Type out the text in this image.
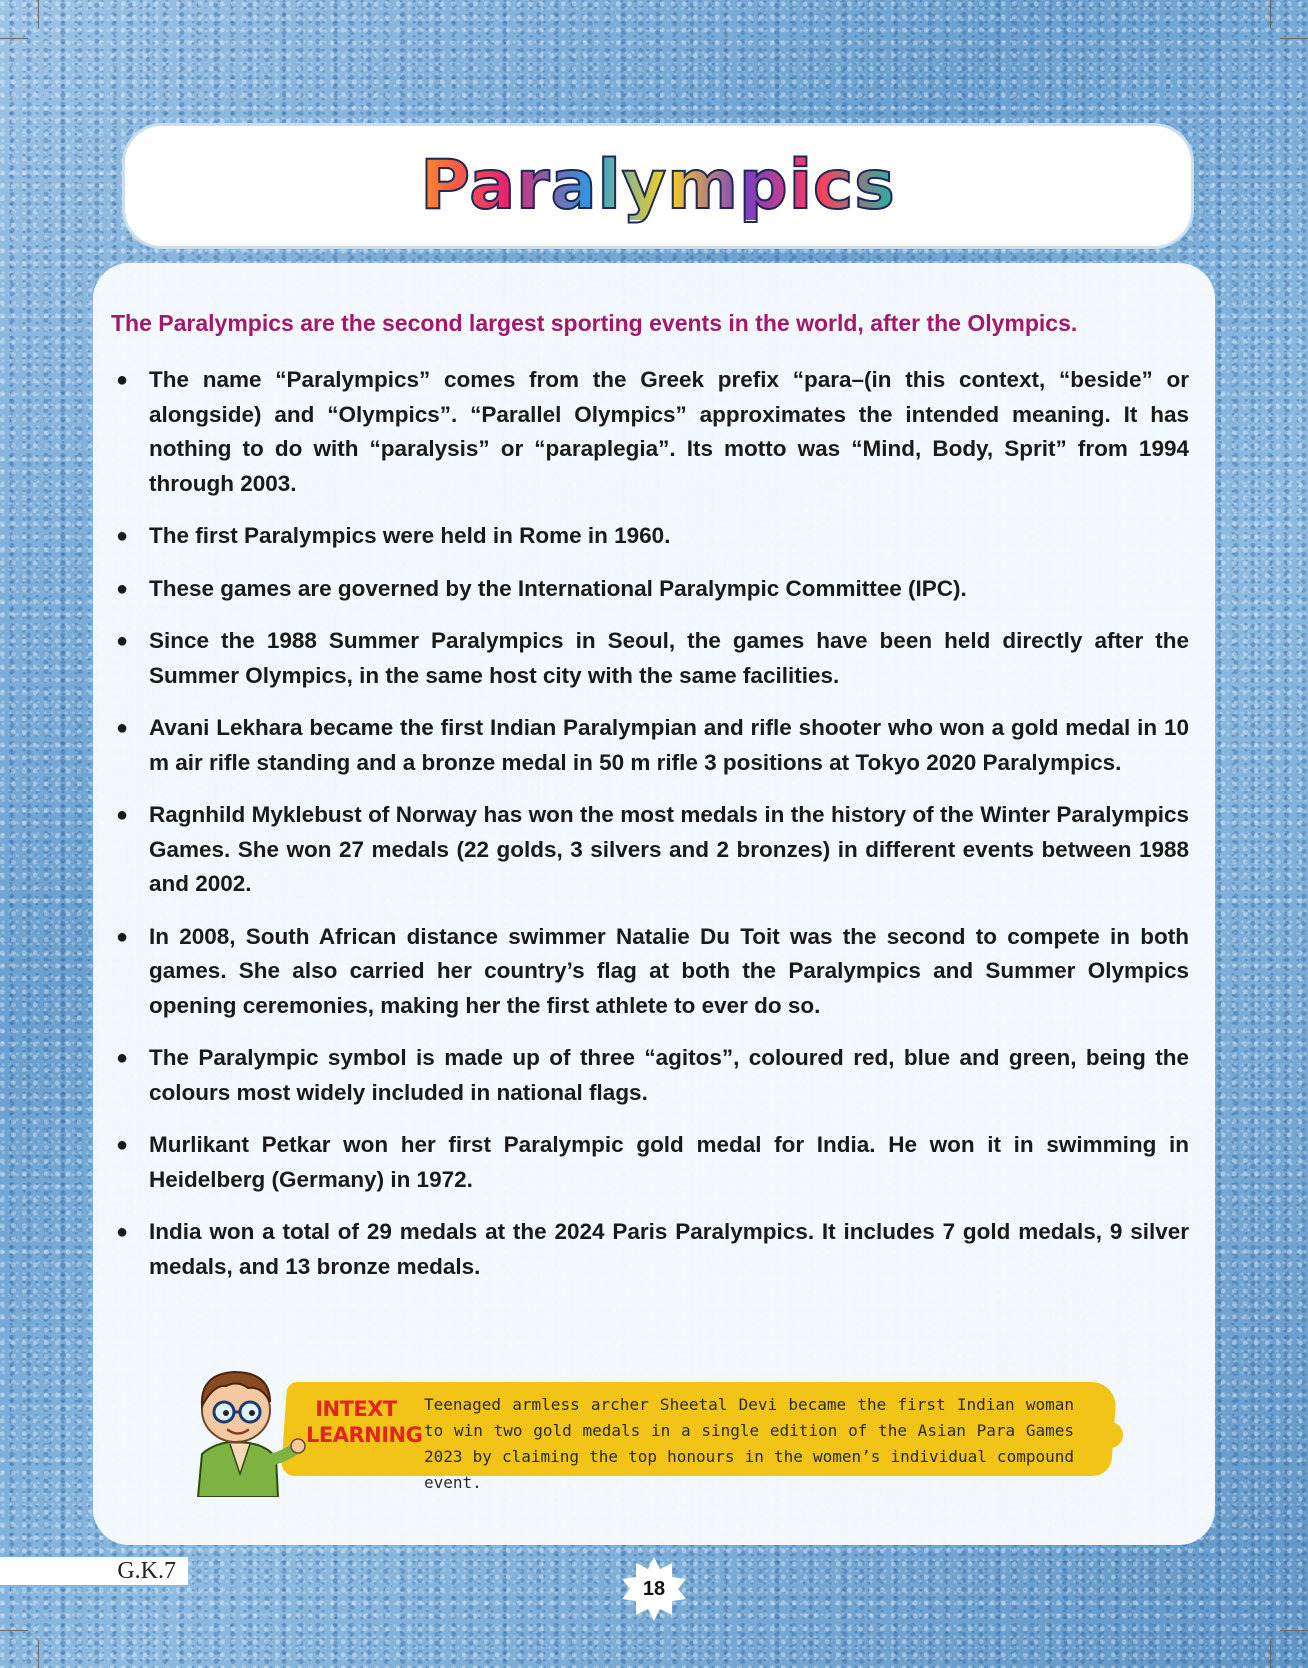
Paralympics
The Paralympics are the second largest sporting events in the world, after the Olympics.
● The name “Paralympics” comes from the Greek prefix “para–(in this context, “beside” or alongside) and “Olympics”. “Parallel Olympics” approximates the intended meaning. It has nothing to do with “paralysis” or “paraplegia”. Its motto was “Mind, Body, Sprit” from 1994 through 2003.
● The first Paralympics were held in Rome in 1960.
● These games are governed by the International Paralympic Committee (IPC).
● Since the 1988 Summer Paralympics in Seoul, the games have been held directly after the Summer Olympics, in the same host city with the same facilities.
● Avani Lekhara became the first Indian Paralympian and rifle shooter who won a gold medal in 10 m air rifle standing and a bronze medal in 50 m rifle 3 positions at Tokyo 2020 Paralympics.
● Ragnhild Myklebust of Norway has won the most medals in the history of the Winter Paralympics Games. She won 27 medals (22 golds, 3 silvers and 2 bronzes) in different events between 1988 and 2002.
● In 2008, South African distance swimmer Natalie Du Toit was the second to compete in both games. She also carried her country’s flag at both the Paralympics and Summer Olympics opening ceremonies, making her the first athlete to ever do so.
● The Paralympic symbol is made up of three “agitos”, coloured red, blue and green, being the colours most widely included in national flags.
● Murlikant Petkar won her first Paralympic gold medal for India. He won it in swimming in Heidelberg (Germany) in 1972.
● India won a total of 29 medals at the 2024 Paris Paralympics. It includes 7 gold medals, 9 silver medals, and 13 bronze medals.
INTEXT
LEARNING
Teenaged armless archer Sheetal Devi became the first Indian woman to win two gold medals in a single edition of the Asian Para Games 2023 by claiming the top honours in the women’s individual compound event.
G.K.7
18
